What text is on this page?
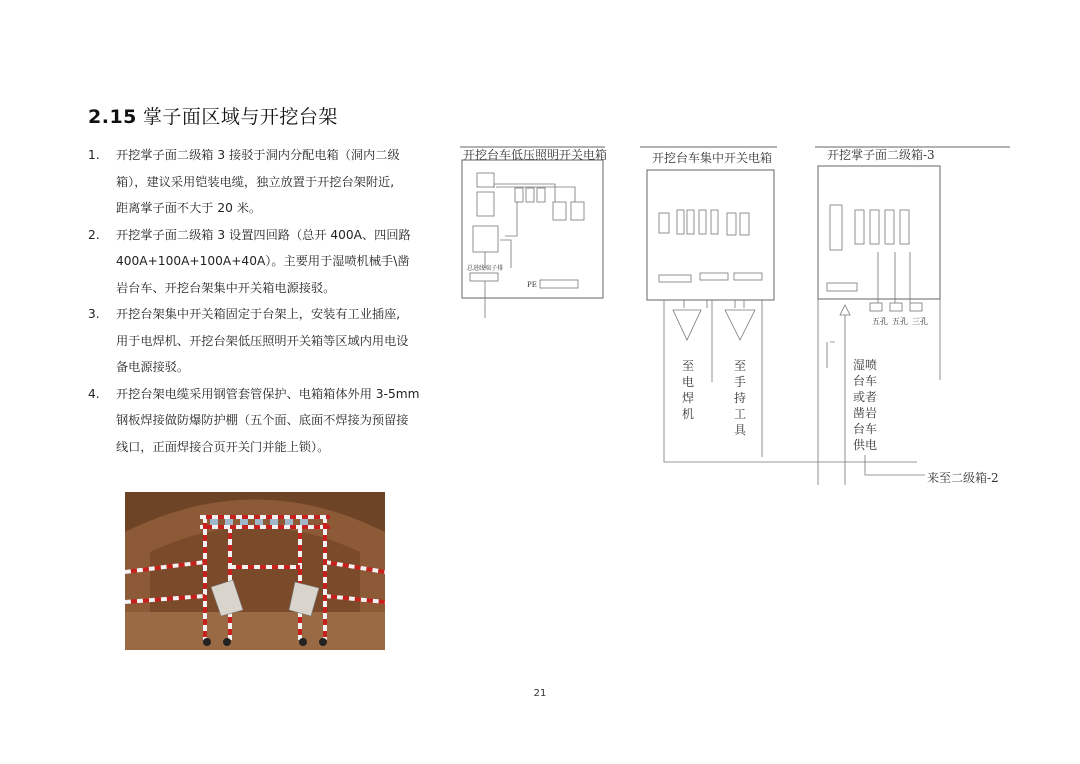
2.15 掌子面区域与开挖台架
1. 开挖掌子面二级箱 3 接驳于洞内分配电箱（洞内二级
箱），建议采用铠装电缆，独立放置于开挖台架附近,
距离掌子面不大于 20 米。
2. 开挖掌子面二级箱 3 设置四回路（总开 400A、四回路
400A+100A+100A+40A）。主要用于湿喷机械手\凿
岩台车、开挖台架集中开关箱电源接驳。
3. 开挖台架集中开关箱固定于台架上，安装有工业插座,
用于电焊机、开挖台架低压照明开关箱等区域内用电设
备电源接驳。
4. 开挖台架电缆采用钢管套管保护、电箱箱体外用 3-5mm
钢板焊接做防爆防护棚（五个面、底面不焊接为预留接
线口，正面焊接合页开关门并能上锁）。
开挖台车低压照明开关电箱	开挖台车集中开关电箱	开挖掌子面二级箱-3
总进线端子排
PE
至
电
焊
机
至
手
持
工
具
湿喷
台车
或者
凿岩
台车
供电
五孔 五孔 三孔
来至二级箱-2
21
